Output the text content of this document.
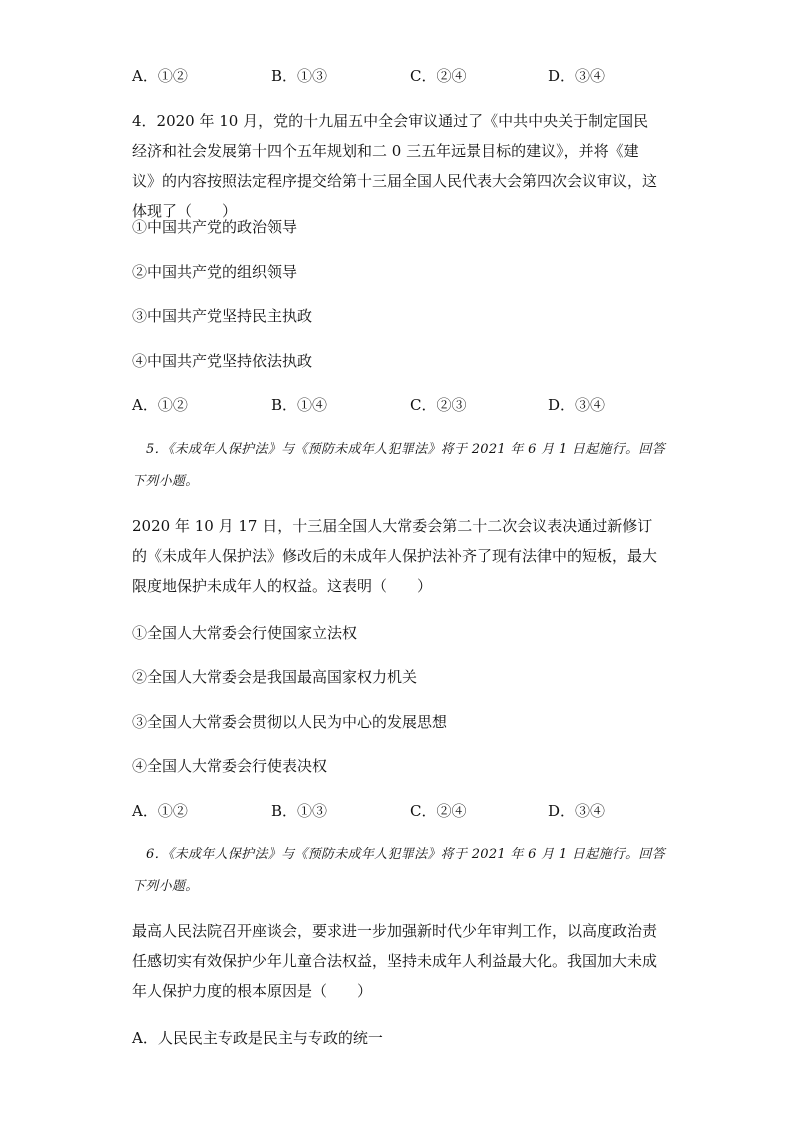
A．①②	B．①③	C．②④	D．③④
4．2020 年 10 月，党的十九届五中全会审议通过了《中共中央关于制定国民经济和社会发展第十四个五年规划和二 0 三五年远景目标的建议》，并将《建议》的内容按照法定程序提交给第十三届全国人民代表大会第四次会议审议，这体现了（　　）
①中国共产党的政治领导
②中国共产党的组织领导
③中国共产党坚持民主执政
④中国共产党坚持依法执政
A．①②	B．①④	C．②③	D．③④
5．《未成年人保护法》与《预防未成年人犯罪法》将于 2021 年 6 月 1 日起施行。回答下列小题。
2020 年 10 月 17 日，十三届全国人大常委会第二十二次会议表决通过新修订的《未成年人保护法》修改后的未成年人保护法补齐了现有法律中的短板，最大限度地保护未成年人的权益。这表明（　　）
①全国人大常委会行使国家立法权
②全国人大常委会是我国最高国家权力机关
③全国人大常委会贯彻以人民为中心的发展思想
④全国人大常委会行使表决权
A．①②	B．①③	C．②④	D．③④
6．《未成年人保护法》与《预防未成年人犯罪法》将于 2021 年 6 月 1 日起施行。回答下列小题。
最高人民法院召开座谈会，要求进一步加强新时代少年审判工作，以高度政治责任感切实有效保护少年儿童合法权益，坚持未成年人利益最大化。我国加大未成年人保护力度的根本原因是（　　）
A．人民民主专政是民主与专政的统一
